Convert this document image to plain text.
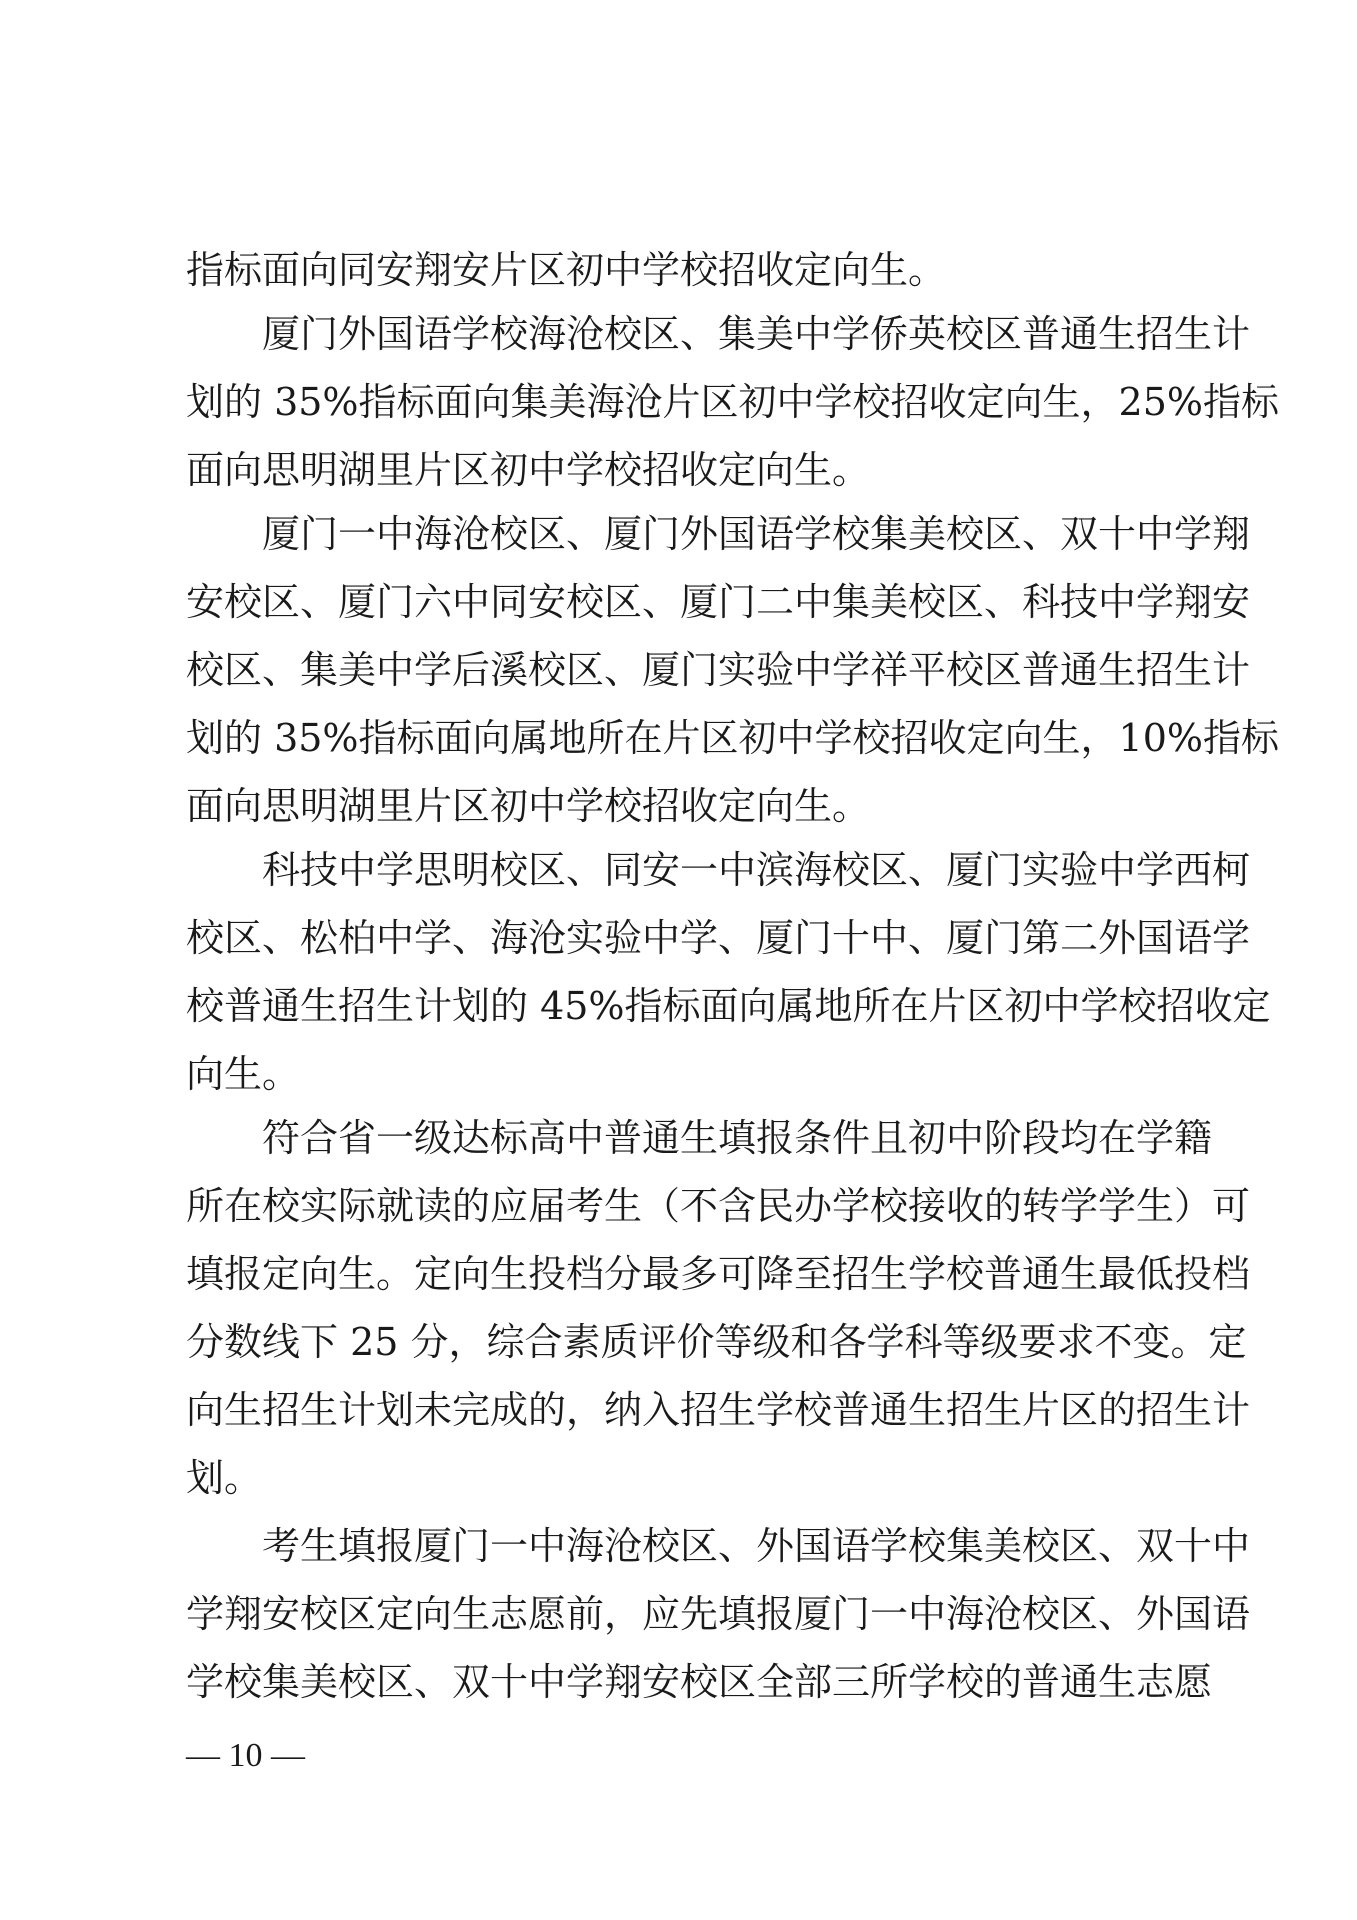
指标面向同安翔安片区初中学校招收定向生。
厦门外国语学校海沧校区、集美中学侨英校区普通生招生计
划的 35%指标面向集美海沧片区初中学校招收定向生，25%指标
面向思明湖里片区初中学校招收定向生。
厦门一中海沧校区、厦门外国语学校集美校区、双十中学翔
安校区、厦门六中同安校区、厦门二中集美校区、科技中学翔安
校区、集美中学后溪校区、厦门实验中学祥平校区普通生招生计
划的 35%指标面向属地所在片区初中学校招收定向生，10%指标
面向思明湖里片区初中学校招收定向生。
科技中学思明校区、同安一中滨海校区、厦门实验中学西柯
校区、松柏中学、海沧实验中学、厦门十中、厦门第二外国语学
校普通生招生计划的 45%指标面向属地所在片区初中学校招收定
向生。
符合省一级达标高中普通生填报条件且初中阶段均在学籍
所在校实际就读的应届考生（不含民办学校接收的转学学生）可
填报定向生。定向生投档分最多可降至招生学校普通生最低投档
分数线下 25 分，综合素质评价等级和各学科等级要求不变。定
向生招生计划未完成的，纳入招生学校普通生招生片区的招生计
划。
考生填报厦门一中海沧校区、外国语学校集美校区、双十中
学翔安校区定向生志愿前，应先填报厦门一中海沧校区、外国语
学校集美校区、双十中学翔安校区全部三所学校的普通生志愿
— 10 —
